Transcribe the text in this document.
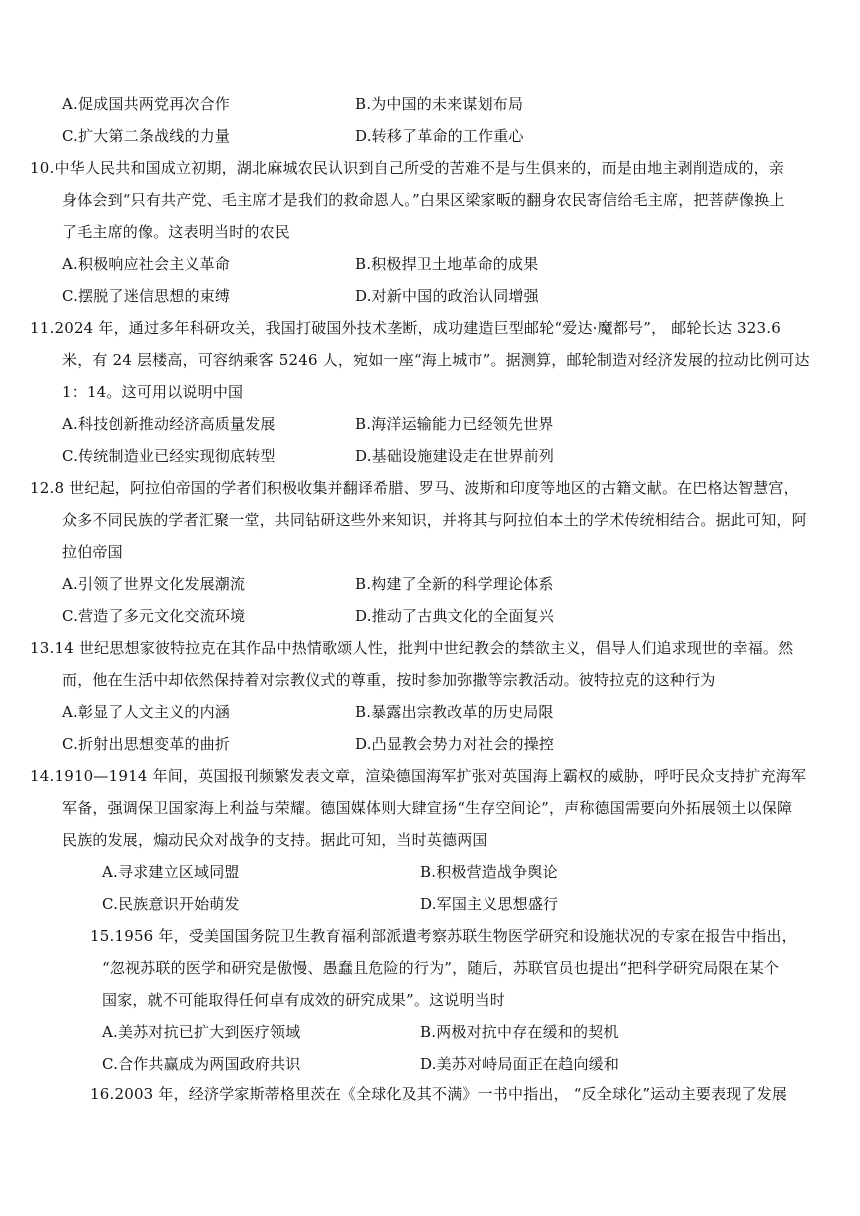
A.促成国共两党再次合作	B.为中国的未来谋划布局
C.扩大第二条战线的力量	D.转移了革命的工作重心
10.中华人民共和国成立初期，湖北麻城农民认识到自己所受的苦难不是与生俱来的，而是由地主剥削造成的，亲
身体会到“只有共产党、毛主席才是我们的救命恩人。”白果区梁家畈的翻身农民寄信给毛主席，把菩萨像换上
了毛主席的像。这表明当时的农民
A.积极响应社会主义革命	B.积极捍卫土地革命的成果
C.摆脱了迷信思想的束缚	D.对新中国的政治认同增强
11.2024 年，通过多年科研攻关，我国打破国外技术垄断，成功建造巨型邮轮“爱达·魔都号”， 邮轮长达 323.6
米，有 24 层楼高，可容纳乘客 5246 人，宛如一座“海上城市”。据测算，邮轮制造对经济发展的拉动比例可达
1：14。这可用以说明中国
A.科技创新推动经济高质量发展	B.海洋运输能力已经领先世界
C.传统制造业已经实现彻底转型	D.基础设施建设走在世界前列
12.8 世纪起，阿拉伯帝国的学者们积极收集并翻译希腊、罗马、波斯和印度等地区的古籍文献。在巴格达智慧宫，
众多不同民族的学者汇聚一堂，共同钻研这些外来知识，并将其与阿拉伯本土的学术传统相结合。据此可知，阿
拉伯帝国
A.引领了世界文化发展潮流	B.构建了全新的科学理论体系
C.营造了多元文化交流环境	D.推动了古典文化的全面复兴
13.14 世纪思想家彼特拉克在其作品中热情歌颂人性，批判中世纪教会的禁欲主义，倡导人们追求现世的幸福。然
而，他在生活中却依然保持着对宗教仪式的尊重，按时参加弥撒等宗教活动。彼特拉克的这种行为
A.彰显了人文主义的内涵	B.暴露出宗教改革的历史局限
C.折射出思想变革的曲折	D.凸显教会势力对社会的操控
14.1910—1914 年间，英国报刊频繁发表文章，渲染德国海军扩张对英国海上霸权的威胁，呼吁民众支持扩充海军
军备，强调保卫国家海上利益与荣耀。德国媒体则大肆宣扬“生存空间论”，声称德国需要向外拓展领土以保障
民族的发展，煽动民众对战争的支持。据此可知，当时英德两国
A.寻求建立区域同盟	B.积极营造战争舆论
C.民族意识开始萌发	D.军国主义思想盛行
15.1956 年，受美国国务院卫生教育福利部派遣考察苏联生物医学研究和设施状况的专家在报告中指出，
“忽视苏联的医学和研究是傲慢、愚蠢且危险的行为”，随后，苏联官员也提出“把科学研究局限在某个
国家，就不可能取得任何卓有成效的研究成果”。这说明当时
A.美苏对抗已扩大到医疗领域	B.两极对抗中存在缓和的契机
C.合作共赢成为两国政府共识	D.美苏对峙局面正在趋向缓和
16.2003 年，经济学家斯蒂格里茨在《全球化及其不满》一书中指出， “反全球化”运动主要表现了发展
